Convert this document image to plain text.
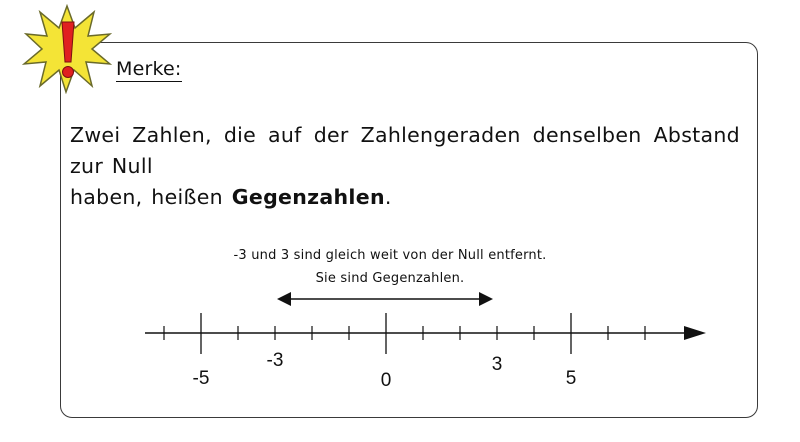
Merke:
Zwei Zahlen, die auf der Zahlengeraden denselben Abstand zur Null
haben, heißen Gegenzahlen.
-3 und 3 sind gleich weit von der Null entfernt.
Sie sind Gegenzahlen.
-5
-3
0
3
5
